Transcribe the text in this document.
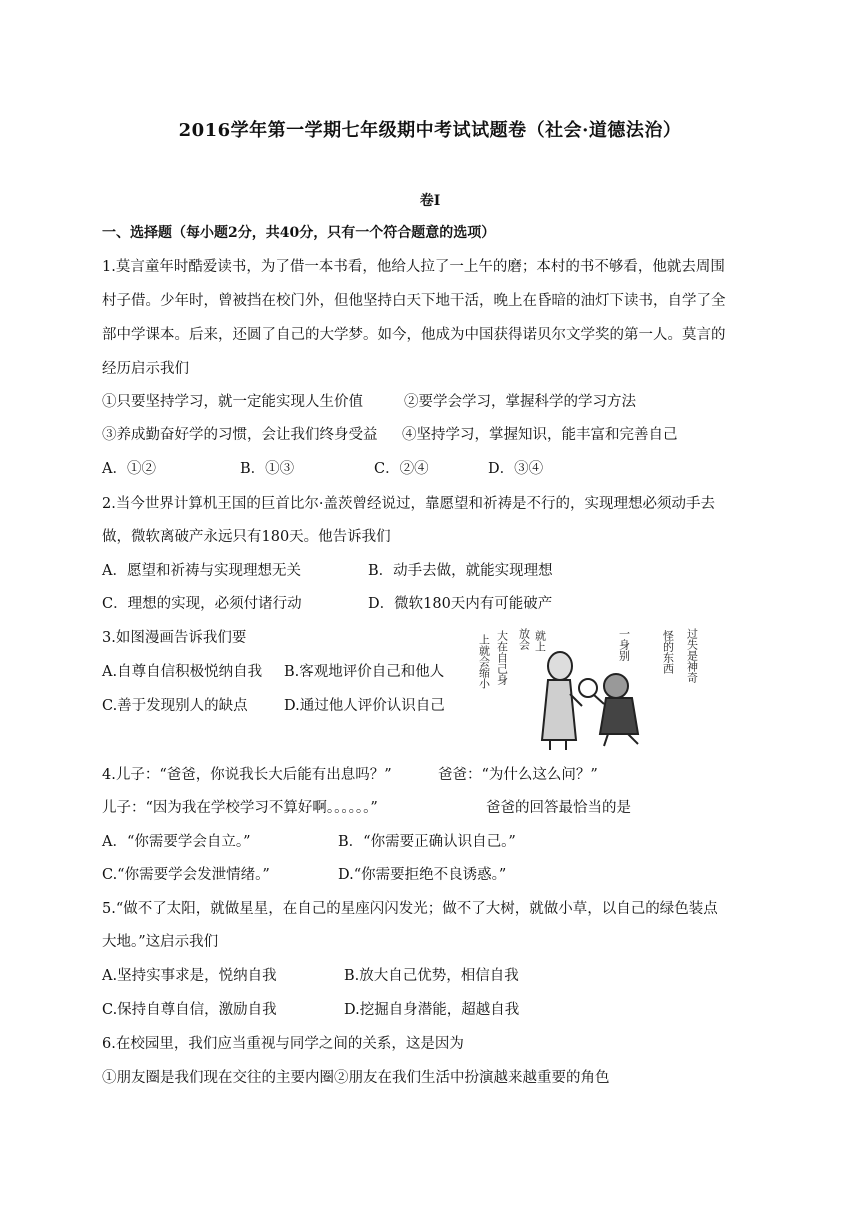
2016学年第一学期七年级期中考试试题卷（社会·道德法治）
卷Ⅰ
一、选择题（每小题2分，共40分，只有一个符合题意的选项）
1.莫言童年时酷爱读书，为了借一本书看，他给人拉了一上午的磨；本村的书不够看，他就去周围
村子借。少年时，曾被挡在校门外，但他坚持白天下地干活，晚上在昏暗的油灯下读书，自学了全
部中学课本。后来，还圆了自己的大学梦。如今，他成为中国获得诺贝尔文学奖的第一人。莫言的
经历启示我们
①只要坚持学习，就一定能实现人生价值	②要学会学习，掌握科学的学习方法
③养成勤奋好学的习惯，会让我们终身受益 ④坚持学习，掌握知识，能丰富和完善自己
A．①②	B．①③	C．②④	D．③④
2.当今世界计算机王国的巨首比尔·盖茨曾经说过，靠愿望和祈祷是不行的，实现理想必须动手去
做，微软离破产永远只有180天。他告诉我们
A．愿望和祈祷与实现理想无关	B．动手去做，就能实现理想
C．理想的实现，必须付诸行动	D．微软180天内有可能破产
3.如图漫画告诉我们要
A.自尊自信积极悦纳自我 B.客观地评价自己和他人
C.善于发现别人的缺点	D.通过他人评价认识自己
上就会缩小 大在自己身 放会 就上	一身别	怪的东西 过失是神奇
4.儿子：“爸爸，你说我长大后能有出息吗？”	爸爸：“为什么这么问？”
儿子：“因为我在学校学习不算好啊。。。。。。”	爸爸的回答最恰当的是
A．“你需要学会自立。”	B．“你需要正确认识自己。”
C.“你需要学会发泄情绪。”	D.“你需要拒绝不良诱惑。”
5.“做不了太阳，就做星星，在自己的星座闪闪发光；做不了大树，就做小草，以自己的绿色装点
大地。”这启示我们
A.坚持实事求是，悦纳自我	B.放大自己优势，相信自我
C.保持自尊自信，激励自我	D.挖掘自身潜能，超越自我
6.在校园里，我们应当重视与同学之间的关系，这是因为
①朋友圈是我们现在交往的主要内圈②朋友在我们生活中扮演越来越重要的角色
